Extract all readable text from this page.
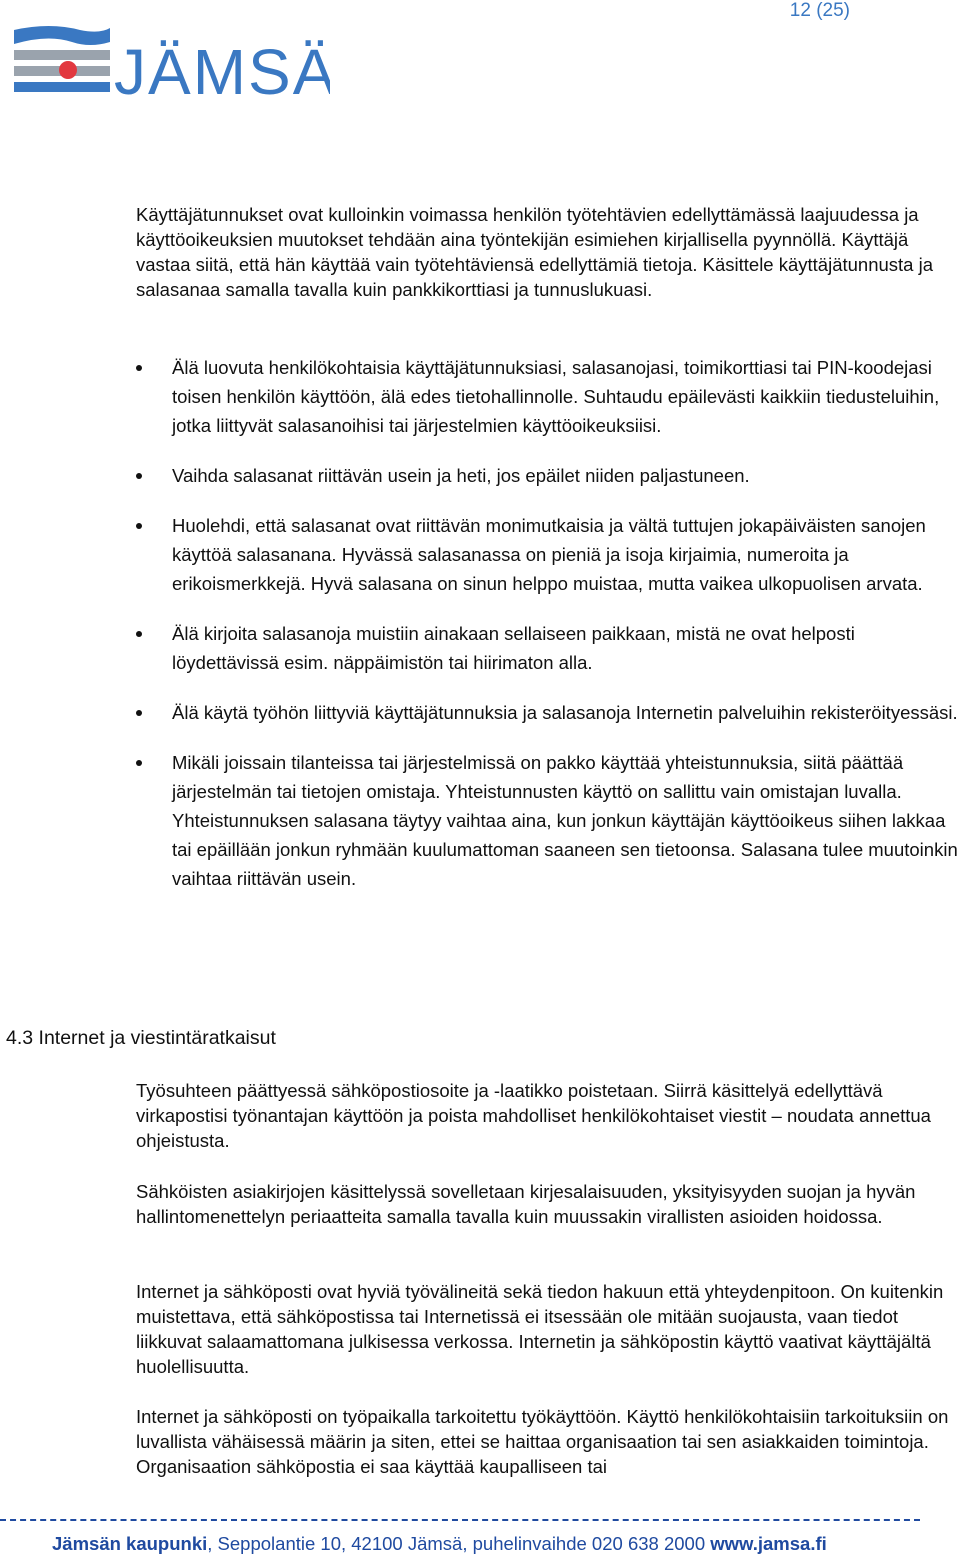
12 (25)
JÄMSÄ

Käyttäjätunnukset ovat kulloinkin voimassa henkilön työtehtävien edellyttämässä laajuudessa ja käyttöoikeuksien muutokset tehdään aina työntekijän esimiehen kirjallisella pyynnöllä. Käyttäjä vastaa siitä, että hän käyttää vain työtehtäviensä edellyttämiä tietoja. Käsittele käyttäjätunnusta ja salasanaa samalla tavalla kuin pankkikorttiasi ja tunnuslukuasi.

Älä luovuta henkilökohtaisia käyttäjätunnuksiasi, salasanojasi, toimikorttiasi tai PIN-koodejasi toisen henkilön käyttöön, älä edes tietohallinnolle. Suhtaudu epäilevästi kaikkiin tiedusteluihin, jotka liittyvät salasanoihisi tai järjestelmien käyttöoikeuksiisi.
Vaihda salasanat riittävän usein ja heti, jos epäilet niiden paljastuneen.
Huolehdi, että salasanat ovat riittävän monimutkaisia ja vältä tuttujen jokapäiväisten sanojen käyttöä salasanana. Hyvässä salasanassa on pieniä ja isoja kirjaimia, numeroita ja erikoismerkkejä. Hyvä salasana on sinun helppo muistaa, mutta vaikea ulkopuolisen arvata.
Älä kirjoita salasanoja muistiin ainakaan sellaiseen paikkaan, mistä ne ovat helposti löydettävissä esim. näppäimistön tai hiirimaton alla.
Älä käytä työhön liittyviä käyttäjätunnuksia ja salasanoja Internetin palveluihin rekisteröityessäsi.
Mikäli joissain tilanteissa tai järjestelmissä on pakko käyttää yhteistunnuksia, siitä päättää järjestelmän tai tietojen omistaja. Yhteistunnusten käyttö on sallittu vain omistajan luvalla. Yhteistunnuksen salasana täytyy vaihtaa aina, kun jonkun käyttäjän käyttöoikeus siihen lakkaa tai epäillään jonkun ryhmään kuulumattoman saaneen sen tietoonsa. Salasana tulee muutoinkin vaihtaa riittävän usein.
4.3 Internet ja viestintäratkaisut

Työsuhteen päättyessä sähköpostiosoite ja -laatikko poistetaan. Siirrä käsittelyä edellyttävä virkapostisi työnantajan käyttöön ja poista mahdolliset henkilökohtaiset viestit – noudata annettua ohjeistusta.

Sähköisten asiakirjojen käsittelyssä sovelletaan kirjesalaisuuden, yksityisyyden suojan ja hyvän hallintomenettelyn periaatteita samalla tavalla kuin muussakin virallisten asioiden hoidossa.

Internet ja sähköposti ovat hyviä työvälineitä sekä tiedon hakuun että yhteydenpitoon. On kuitenkin muistettava, että sähköpostissa tai Internetissä ei itsessään ole mitään suojausta, vaan tiedot liikkuvat salaamattomana julkisessa verkossa. Internetin ja sähköpostin käyttö vaativat käyttäjältä huolellisuutta.

Internet ja sähköposti on työpaikalla tarkoitettu työkäyttöön. Käyttö henkilökohtaisiin tarkoituksiin on luvallista vähäisessä määrin ja siten, ettei se haittaa organisaation tai sen asiakkaiden toimintoja. Organisaation sähköpostia ei saa käyttää kaupalliseen tai

Jämsän kaupunki, Seppolantie 10, 42100 Jämsä, puhelinvaihde 020 638 2000 www.jamsa.fi
